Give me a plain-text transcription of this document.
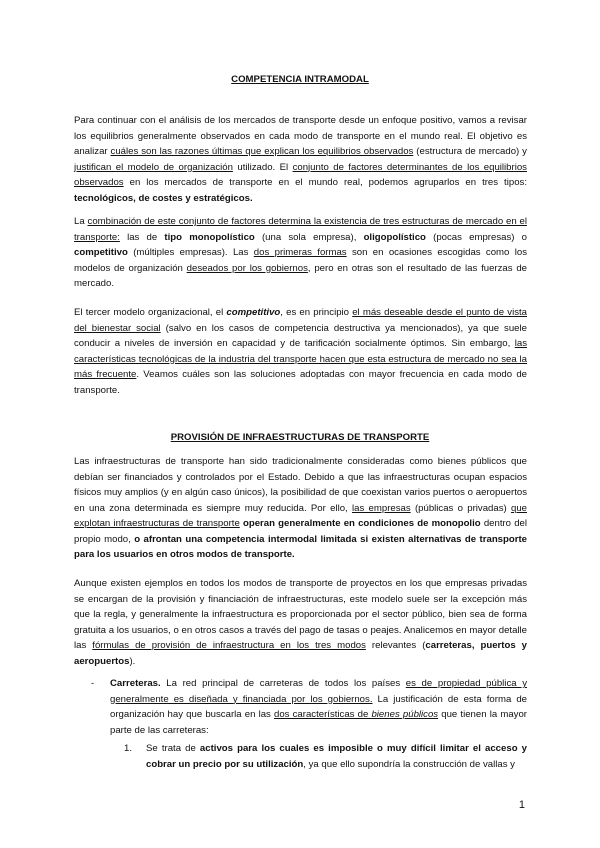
COMPETENCIA INTRAMODAL

Para continuar con el análisis de los mercados de transporte desde un enfoque positivo, vamos a revisar los equilibrios generalmente observados en cada modo de transporte en el mundo real. El objetivo es analizar cuáles son las razones últimas que explican los equilibrios observados (estructura de mercado) y justifican el modelo de organización utilizado. El conjunto de factores determinantes de los equilibrios observados en los mercados de transporte en el mundo real, podemos agruparlos en tres tipos: tecnológicos, de costes y estratégicos.

La combinación de este conjunto de factores determina la existencia de tres estructuras de mercado en el transporte: las de tipo monopolístico (una sola empresa), oligopolístico (pocas empresas) o competitivo (múltiples empresas). Las dos primeras formas son en ocasiones escogidas como los modelos de organización deseados por los gobiernos, pero en otras son el resultado de las fuerzas de mercado.

El tercer modelo organizacional, el competitivo, es en principio el más deseable desde el punto de vista del bienestar social (salvo en los casos de competencia destructiva ya mencionados), ya que suele conducir a niveles de inversión en capacidad y de tarificación socialmente óptimos. Sin embargo, las características tecnológicas de la industria del transporte hacen que esta estructura de mercado no sea la más frecuente. Veamos cuáles son las soluciones adoptadas con mayor frecuencia en cada modo de transporte.

PROVISIÓN DE INFRAESTRUCTURAS DE TRANSPORTE

Las infraestructuras de transporte han sido tradicionalmente consideradas como bienes públicos que debían ser financiados y controlados por el Estado. Debido a que las infraestructuras ocupan espacios físicos muy amplios (y en algún caso únicos), la posibilidad de que coexistan varios puertos o aeropuertos en una zona determinada es siempre muy reducida. Por ello, las empresas (públicas o privadas) que explotan infraestructuras de transporte operan generalmente en condiciones de monopolio dentro del propio modo, o afrontan una competencia intermodal limitada si existen alternativas de transporte para los usuarios en otros modos de transporte.

Aunque existen ejemplos en todos los modos de transporte de proyectos en los que empresas privadas se encargan de la provisión y financiación de infraestructuras, este modelo suele ser la excepción más que la regla, y generalmente la infraestructura es proporcionada por el sector público, bien sea de forma gratuita a los usuarios, o en otros casos a través del pago de tasas o peajes. Analicemos en mayor detalle las fórmulas de provisión de infraestructura en los tres modos relevantes (carreteras, puertos y aeropuertos).

-	Carreteras. La red principal de carreteras de todos los países es de propiedad pública y generalmente es diseñada y financiada por los gobiernos. La justificación de esta forma de organización hay que buscarla en las dos características de bienes públicos que tienen la mayor parte de las carreteras:

1.	Se trata de activos para los cuales es imposible o muy difícil limitar el acceso y cobrar un precio por su utilización, ya que ello supondría la construcción de vallas y

1
